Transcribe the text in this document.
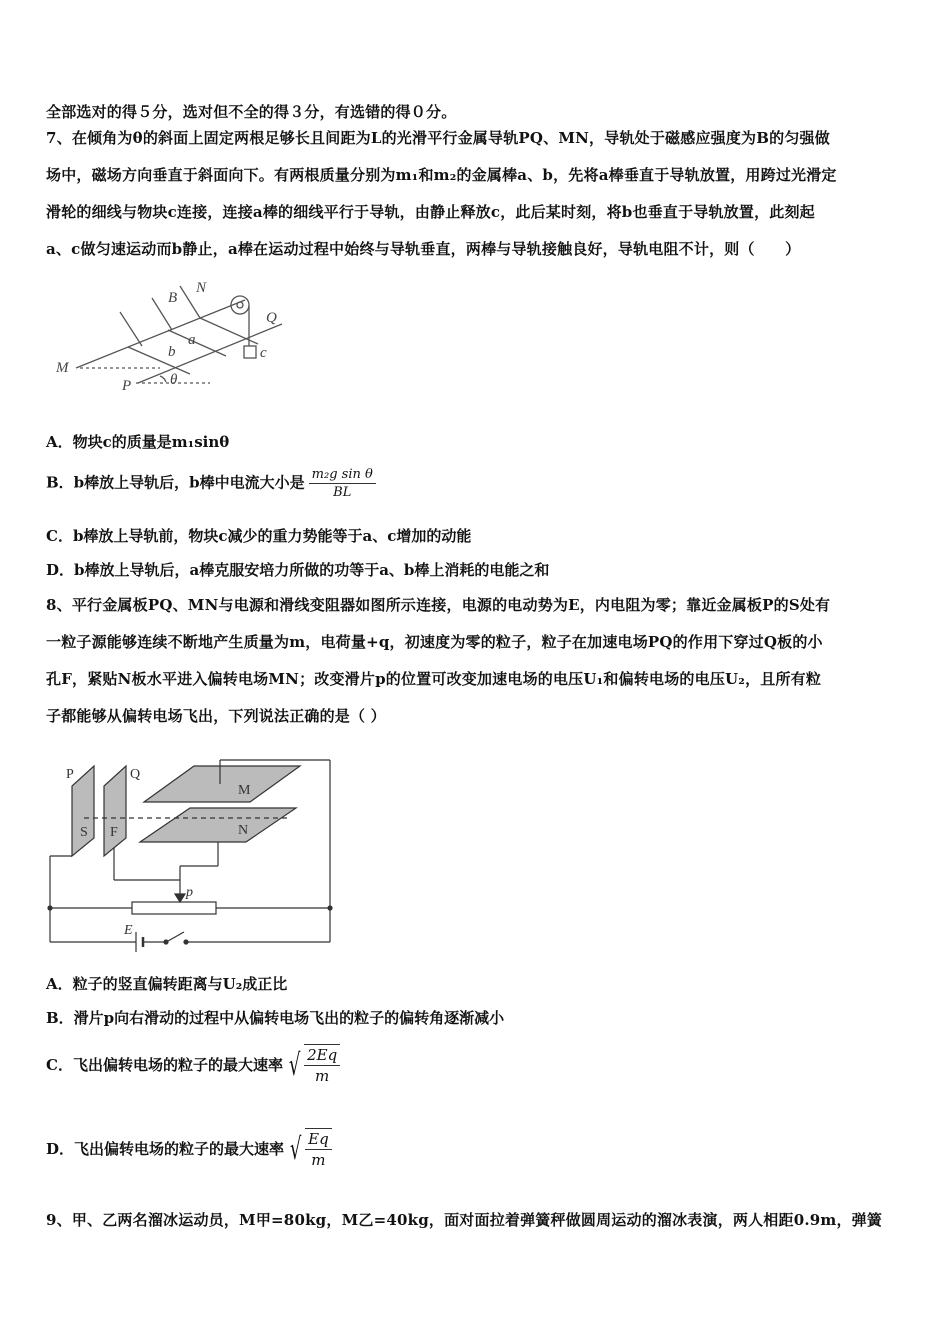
全部选对的得５分，选对但不全的得３分，有选错的得０分。
7、在倾角为θ的斜面上固定两根足够长且间距为L的光滑平行金属导轨PQ、MN，导轨处于磁感应强度为B的匀强做
场中，磁场方向垂直于斜面向下。有两根质量分别为m₁和m₂的金属棒a、b，先将a棒垂直于导轨放置，用跨过光滑定
滑轮的细线与物块c连接，连接a棒的细线平行于导轨，由静止释放c，此后某时刻，将b也垂直于导轨放置，此刻起
a、c做匀速运动而b静止，a棒在运动过程中始终与导轨垂直，两棒与导轨接触良好，导轨电阻不计，则（　　）
B
N
Q
a
b	c
M
P	θ
A．物块c的质量是m₁sinθ
B．b棒放上导轨后，b棒中电流大小是 $\frac{\text{m₂g sin θ}}{BL}$
C．b棒放上导轨前，物块c减少的重力势能等于a、c增加的动能
D．b棒放上导轨后，a棒克服安培力所做的功等于a、b棒上消耗的电能之和
8、平行金属板PQ、MN与电源和滑线变阻器如图所示连接，电源的电动势为E，内电阻为零；靠近金属板P的S处有
一粒子源能够连续不断地产生质量为m，电荷量+q，初速度为零的粒子，粒子在加速电场PQ的作用下穿过Q板的小
孔F，紧贴N板水平进入偏转电场MN；改变滑片p的位置可改变加速电场的电压U₁和偏转电场的电压U₂，且所有粒
子都能够从偏转电场飞出，下列说法正确的是（ ）
P	Q
M
N
S F
p
E
A．粒子的竖直偏转距离与U₂成正比
B．滑片p向右滑动的过程中从偏转电场飞出的粒子的偏转角逐渐减小
C．飞出偏转电场的粒子的最大速率 √ $\frac{2Eq}{m}$
D．飞出偏转电场的粒子的最大速率 √ $\frac{Eq}{m}$
9、甲、乙两名溜冰运动员，M甲=80kg，M乙=40kg，面对面拉着弹簧秤做圆周运动的溜冰表演，两人相距0.9m，弹簧
